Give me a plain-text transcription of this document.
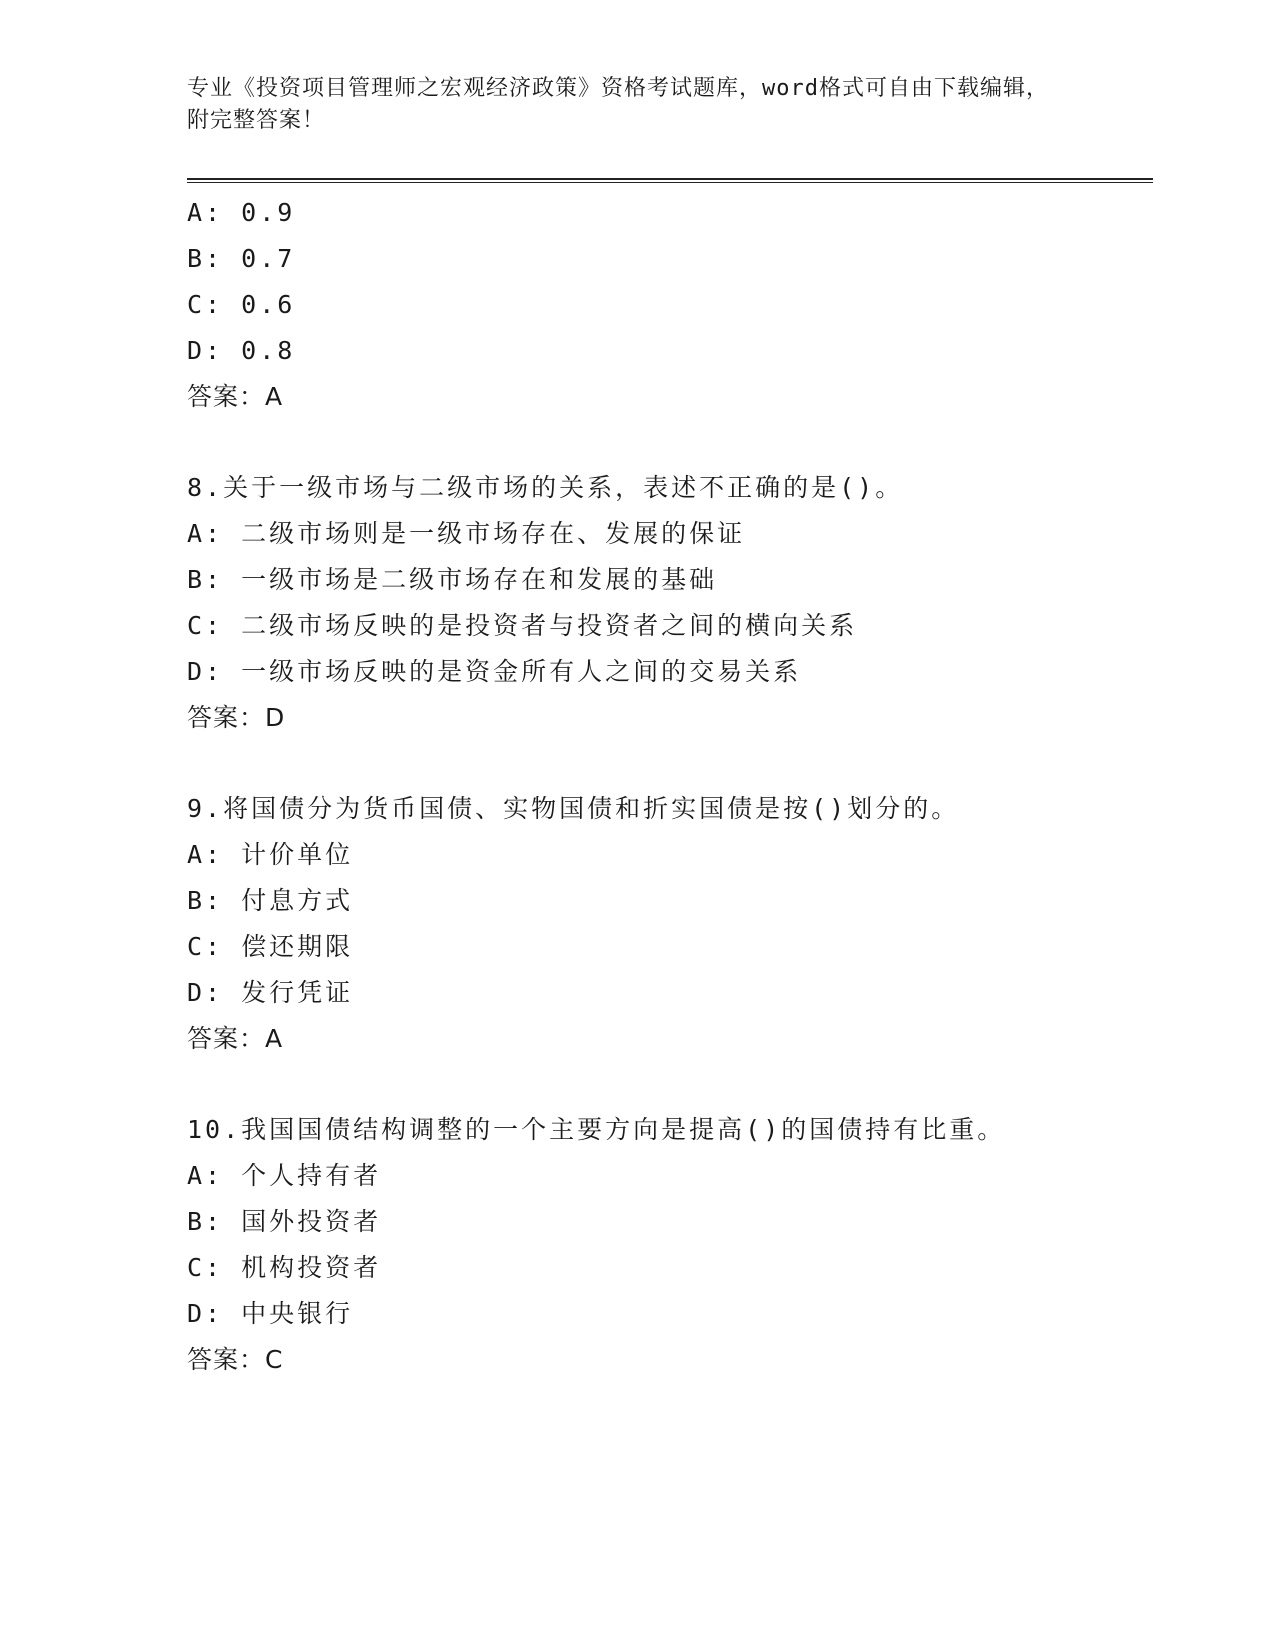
专业《投资项目管理师之宏观经济政策》资格考试题库，word格式可自由下载编辑，附完整答案！
A: 0.9
B: 0.7
C: 0.6
D: 0.8
答案：A
8.关于一级市场与二级市场的关系，表述不正确的是()。
A: 二级市场则是一级市场存在、发展的保证
B: 一级市场是二级市场存在和发展的基础
C: 二级市场反映的是投资者与投资者之间的横向关系
D: 一级市场反映的是资金所有人之间的交易关系
答案：D
9.将国债分为货币国债、实物国债和折实国债是按()划分的。
A: 计价单位
B: 付息方式
C: 偿还期限
D: 发行凭证
答案：A
10.我国国债结构调整的一个主要方向是提高()的国债持有比重。
A: 个人持有者
B: 国外投资者
C: 机构投资者
D: 中央银行
答案：C
